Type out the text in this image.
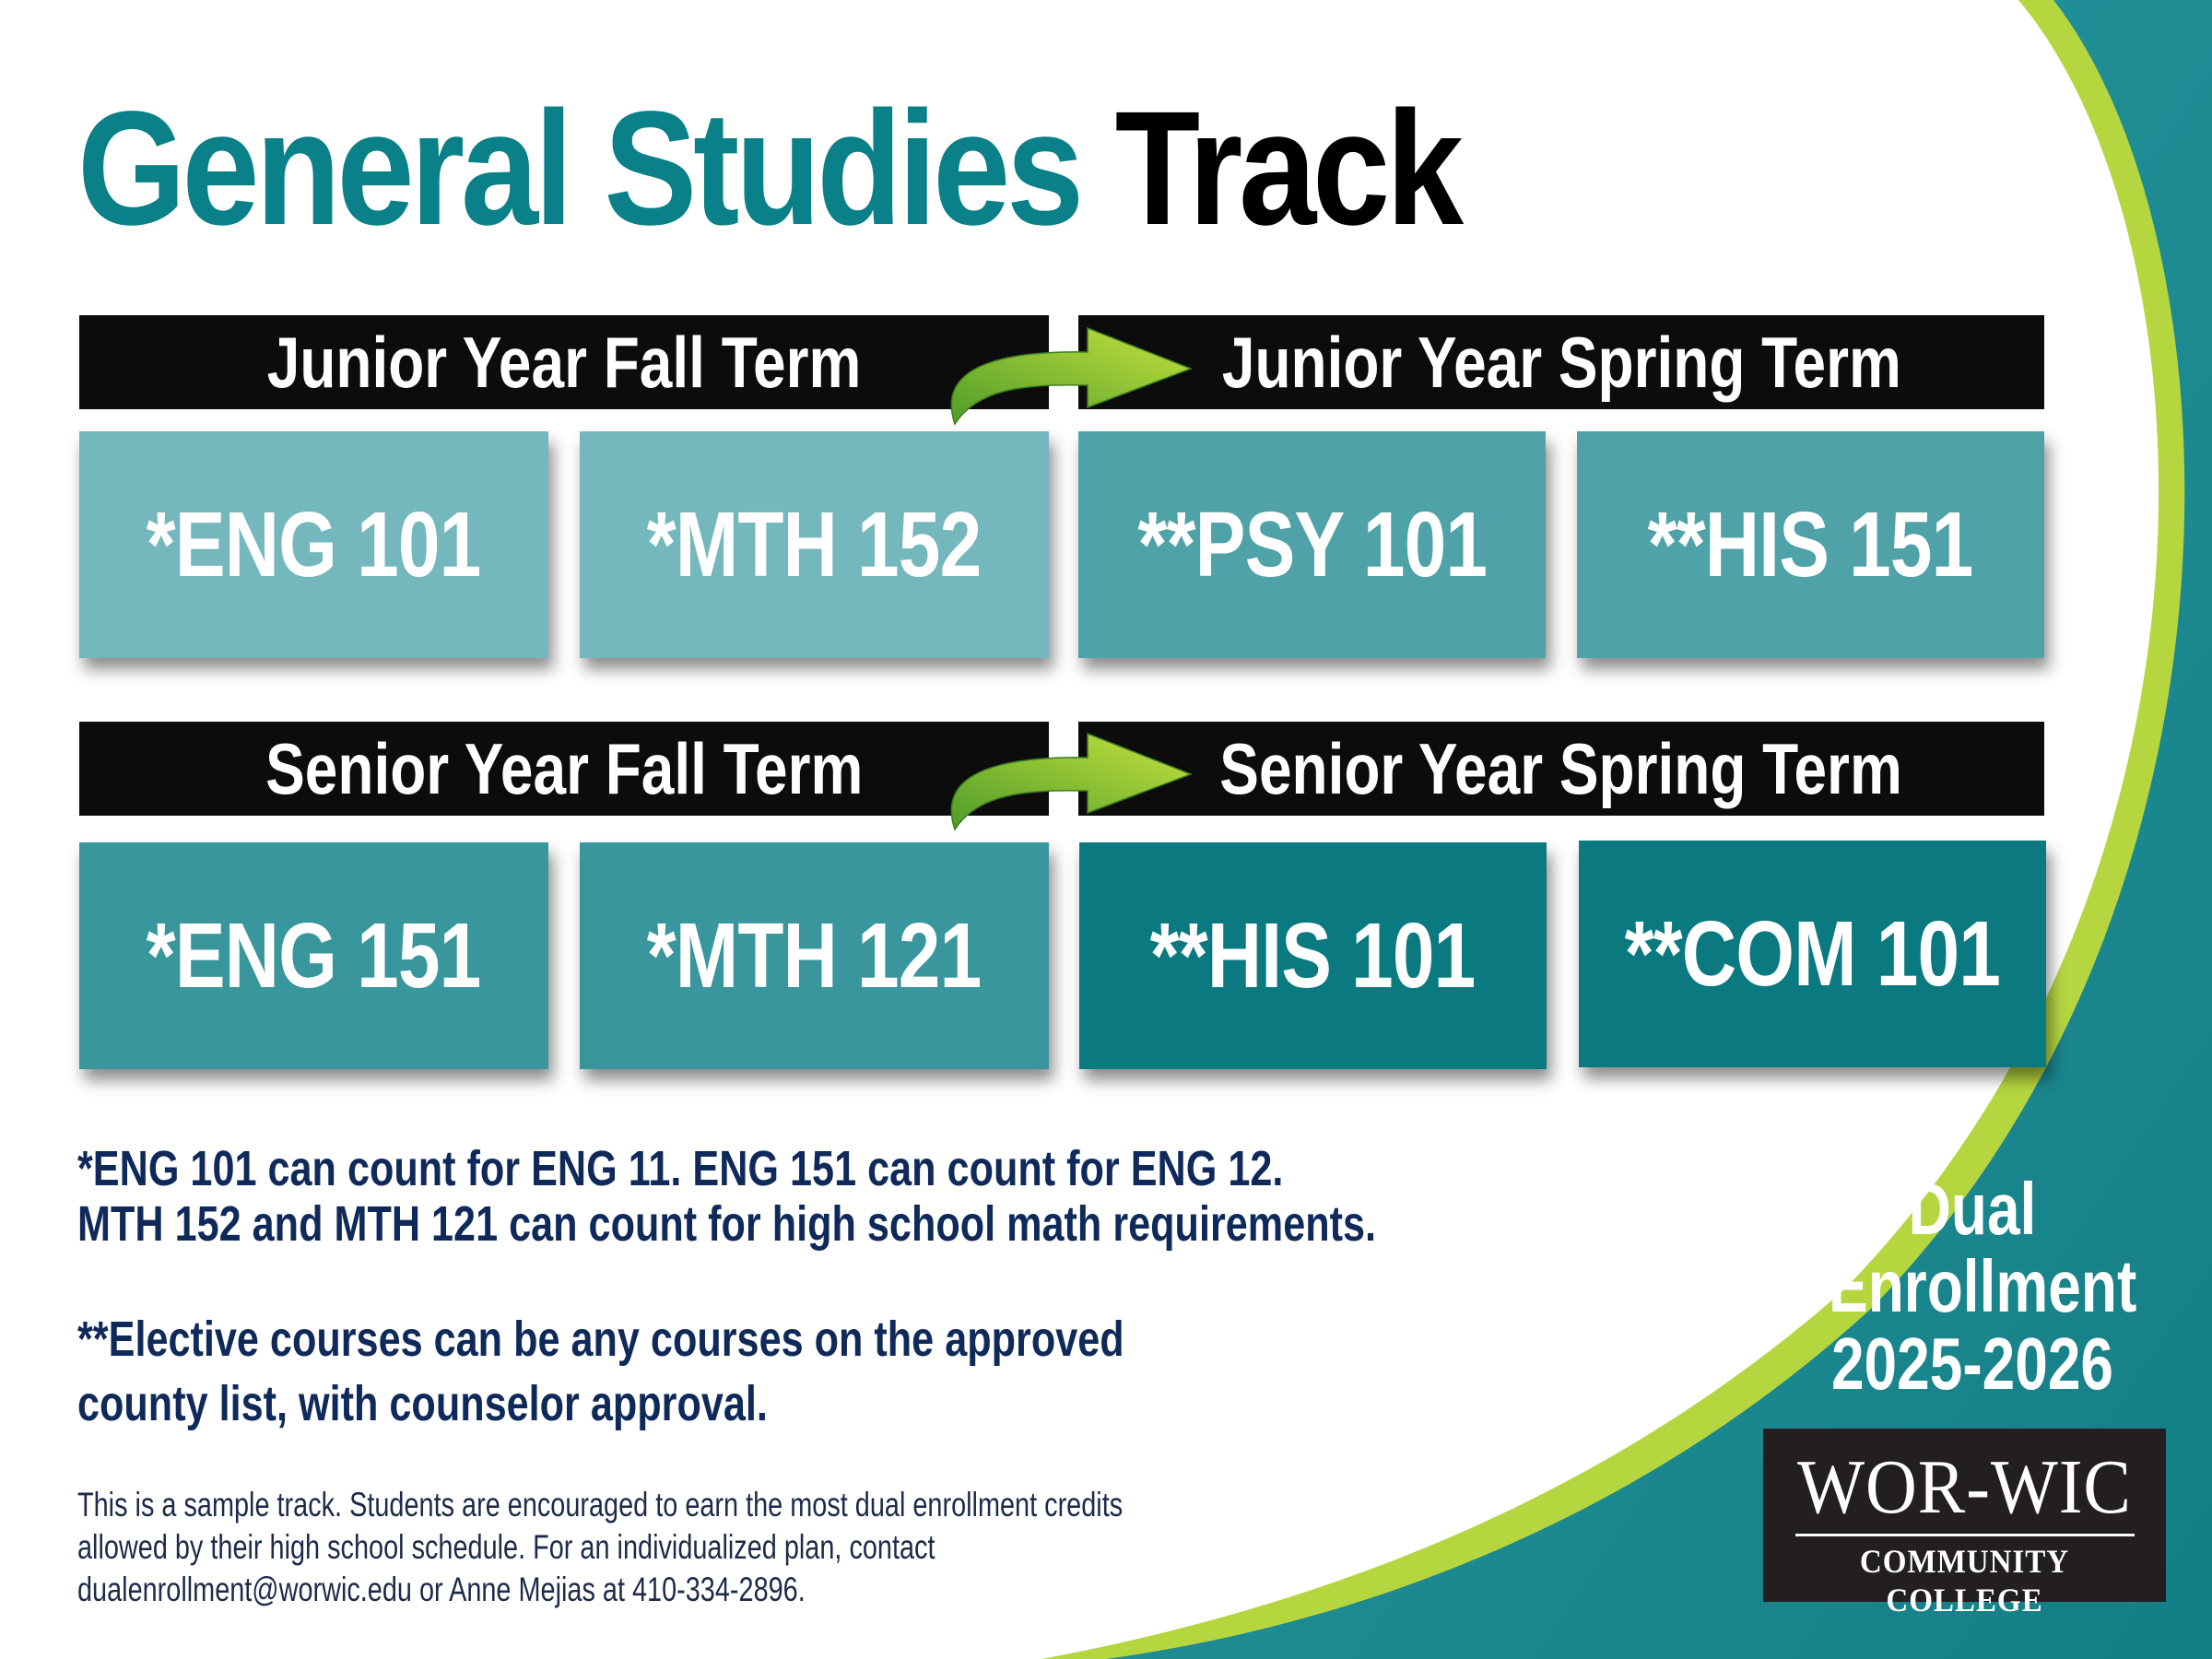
General Studies Track
Junior Year Fall Term	Junior Year Spring Term
*ENG 101 *MTH 152 **PSY 101 **HIS 151
Senior Year Fall Term	Senior Year Spring Term
*ENG 151 *MTH 121 **HIS 101 **COM 101
*ENG 101 can count for ENG 11. ENG 151 can count for ENG 12.
MTH 152 and MTH 121 can count for high school math requirements.
**Elective courses can be any courses on the approved
county list, with counselor approval.
This is a sample track. Students are encouraged to earn the most dual enrollment credits
allowed by their high school schedule. For an individualized plan, contact
dualenrollment@worwic.edu or Anne Mejias at 410-334-2896.
Dual
Enrollment
2025-2026
WOR-WIC
COMMUNITY COLLEGE
